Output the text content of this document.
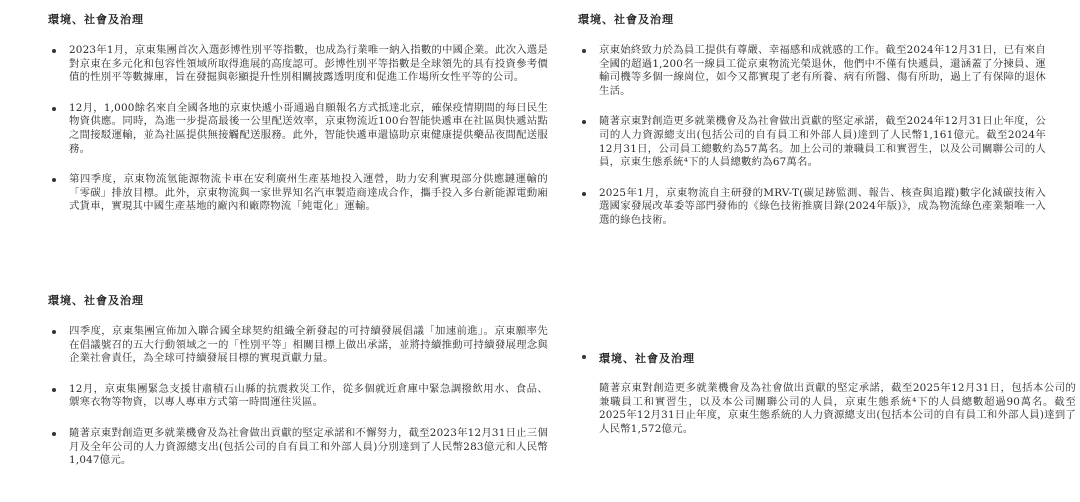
環境、社會及治理
2023年1月，京東集團首次入選彭博性別平等指數，也成為行業唯一納入指數的中國企業。此次入選是對京東在多元化和包容性領域所取得進展的高度認可。彭博性別平等指數是全球領先的具有投資參考價值的性別平等數據庫，旨在發掘與彰顯提升性別相關披露透明度和促進工作場所女性平等的公司。
12月，1,000餘名來自全國各地的京東快遞小哥通過自願報名方式抵達北京，確保疫情期間的每日民生物資供應。同時，為進一步提高最後一公里配送效率，京東物流近100台智能快遞車在社區與快遞站點之間接駁運輸，並為社區提供無接觸配送服務。此外，智能快遞車還協助京東健康提供藥品夜間配送服務。
第四季度，京東物流氫能源物流卡車在安利廣州生產基地投入運營，助力安利實現部分供應鏈運輸的「零碳」排放目標。此外，京東物流與一家世界知名汽車製造商達成合作，攜手投入多台新能源電動廂式貨車，實現其中國生產基地的廠內和廠際物流「純電化」運輸。
環境、社會及治理
京東始終致力於為員工提供有尊嚴、幸福感和成就感的工作。截至2024年12月31日，已有來自全國的超過1,200名一線員工從京東物流光榮退休，他們中不僅有快遞員，還涵蓋了分揀員、運輸司機等多個一線崗位，如今又都實現了老有所養、病有所醫、傷有所助，過上了有保障的退休生活。
隨著京東對創造更多就業機會及為社會做出貢獻的堅定承諾，截至2024年12月31日止年度，公司的人力資源總支出(包括公司的自有員工和外部人員)達到了人民幣1,161億元。截至2024年12月31日，公司員工總數約為57萬名。加上公司的兼職員工和實習生，以及公司關聯公司的人員，京東生態系統⁴下的人員總數約為67萬名。
2025年1月，京東物流自主研發的MRV-T(碳足跡監測、報告、核查與追蹤)數字化減碳技術入選國家發展改革委等部門發佈的《綠色技術推廣目錄(2024年版)》，成為物流綠色產業類唯一入選的綠色技術。
環境、社會及治理
四季度，京東集團宣佈加入聯合國全球契約組織全新發起的可持續發展倡議「加速前進」。京東願率先在倡議號召的五大行動領域之一的「性別平等」相關目標上做出承諾，並將持續推動可持續發展理念與企業社會責任，為全球可持續發展目標的實現貢獻力量。
12月，京東集團緊急支援甘肅積石山縣的抗震救災工作，從多個就近倉庫中緊急調撥飲用水、食品、禦寒衣物等物資，以專人專車方式第一時間運往災區。
隨著京東對創造更多就業機會及為社會做出貢獻的堅定承諾和不懈努力，截至2023年12月31日止三個月及全年公司的人力資源總支出(包括公司的自有員工和外部人員)分別達到了人民幣283億元和人民幣1,047億元。
環境、社會及治理
隨著京東對創造更多就業機會及為社會做出貢獻的堅定承諾，截至2025年12月31日，包括本公司的兼職員工和實習生，以及本公司關聯公司的人員，京東生態系統⁴下的人員總數超過90萬名。截至2025年12月31日止年度，京東生態系統的人力資源總支出(包括本公司的自有員工和外部人員)達到了人民幣1,572億元。
